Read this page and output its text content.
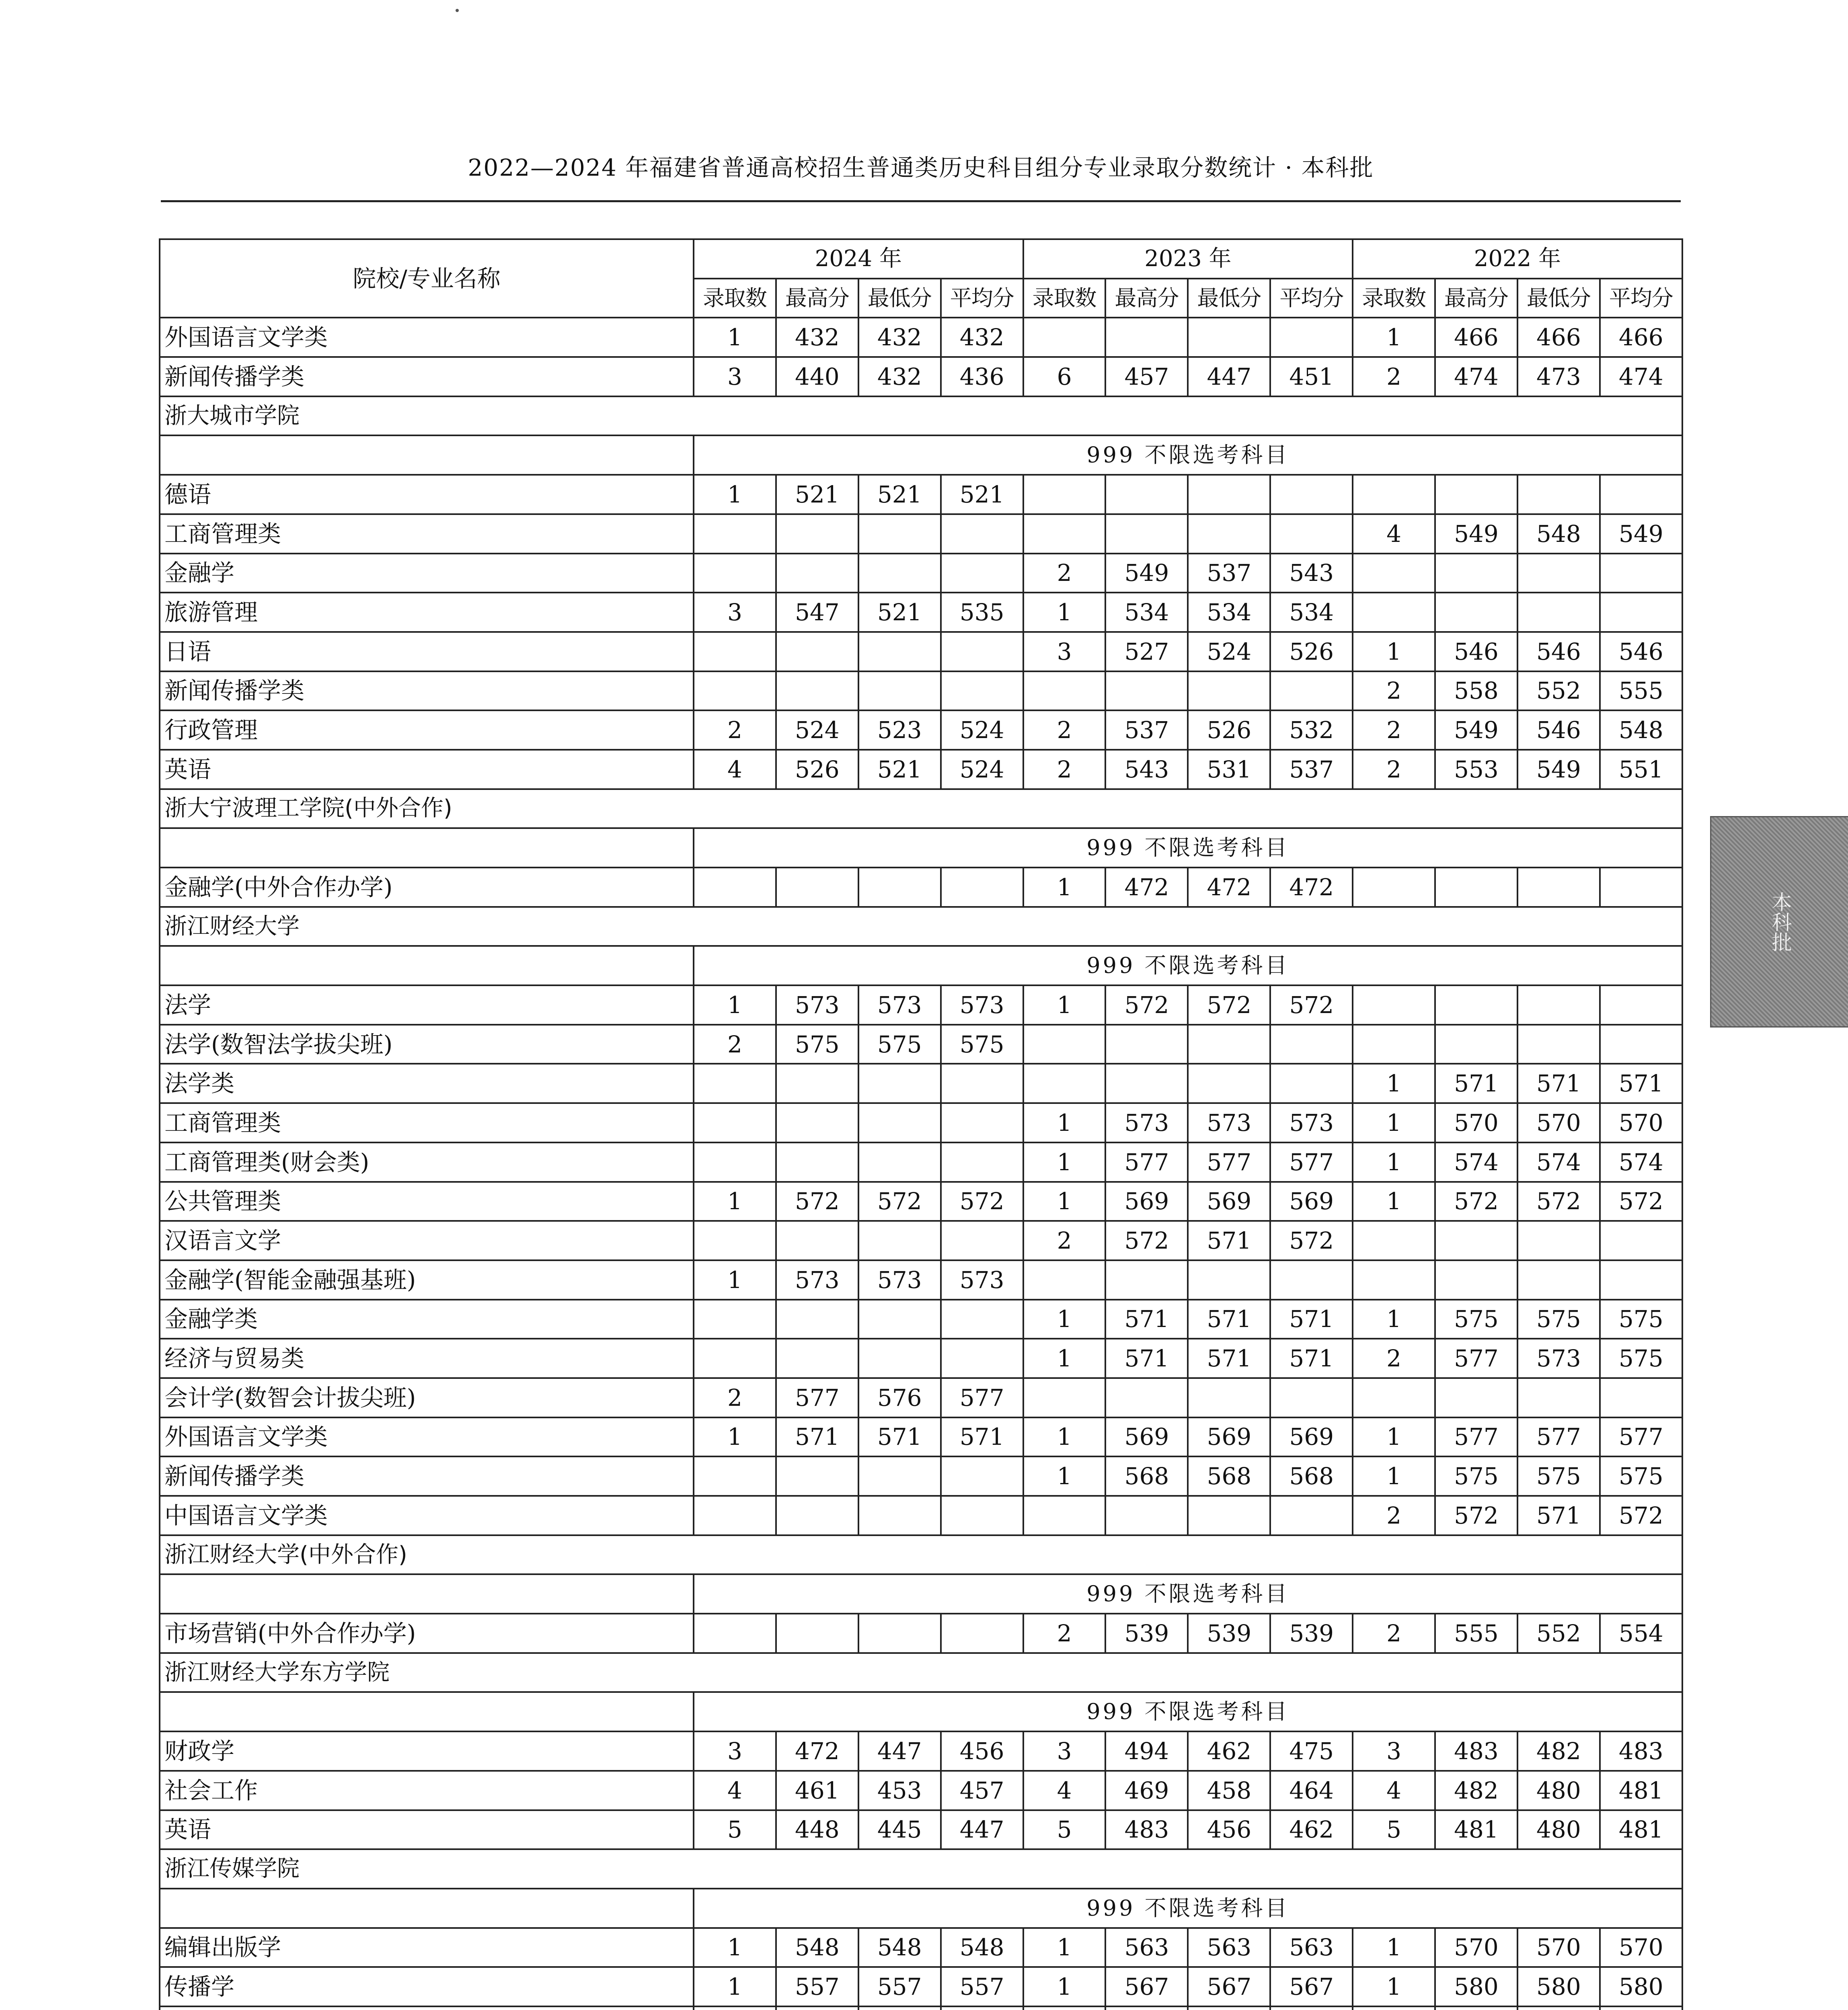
2022—2024 年福建省普通高校招生普通类历史科目组分专业录取分数统计 · 本科批
院校/专业名称	2024 年				2023 年				2022 年			
	录取数	最高分	最低分	平均分	录取数	最高分	最低分	平均分	录取数	最高分	最低分	平均分
外国语言文学类	1	432	432	432					1	466	466	466
新闻传播学类	3	440	432	436	6	457	447	451	2	474	473	474
浙大城市学院												
	999 不限选考科目											
德语	1	521	521	521								
工商管理类									4	549	548	549
金融学					2	549	537	543				
旅游管理	3	547	521	535	1	534	534	534				
日语					3	527	524	526	1	546	546	546
新闻传播学类									2	558	552	555
行政管理	2	524	523	524	2	537	526	532	2	549	546	548
英语	4	526	521	524	2	543	531	537	2	553	549	551
浙大宁波理工学院(中外合作)												
	999 不限选考科目											
金融学(中外合作办学)					1	472	472	472				
浙江财经大学												
	999 不限选考科目											
法学	1	573	573	573	1	572	572	572				
法学(数智法学拔尖班)	2	575	575	575								
法学类									1	571	571	571
工商管理类					1	573	573	573	1	570	570	570
工商管理类(财会类)					1	577	577	577	1	574	574	574
公共管理类	1	572	572	572	1	569	569	569	1	572	572	572
汉语言文学					2	572	571	572				
金融学(智能金融强基班)	1	573	573	573								
金融学类					1	571	571	571	1	575	575	575
经济与贸易类					1	571	571	571	2	577	573	575
会计学(数智会计拔尖班)	2	577	576	577								
外国语言文学类	1	571	571	571	1	569	569	569	1	577	577	577
新闻传播学类					1	568	568	568	1	575	575	575
中国语言文学类									2	572	571	572
浙江财经大学(中外合作)												
	999 不限选考科目											
市场营销(中外合作办学)					2	539	539	539	2	555	552	554
浙江财经大学东方学院												
	999 不限选考科目											
财政学	3	472	447	456	3	494	462	475	3	483	482	483
社会工作	4	461	453	457	4	469	458	464	4	482	480	481
英语	5	448	445	447	5	483	456	462	5	481	480	481
浙江传媒学院												
	999 不限选考科目											
编辑出版学	1	548	548	548	1	563	563	563	1	570	570	570
传播学	1	557	557	557	1	567	567	567	1	580	580	580

本科批
